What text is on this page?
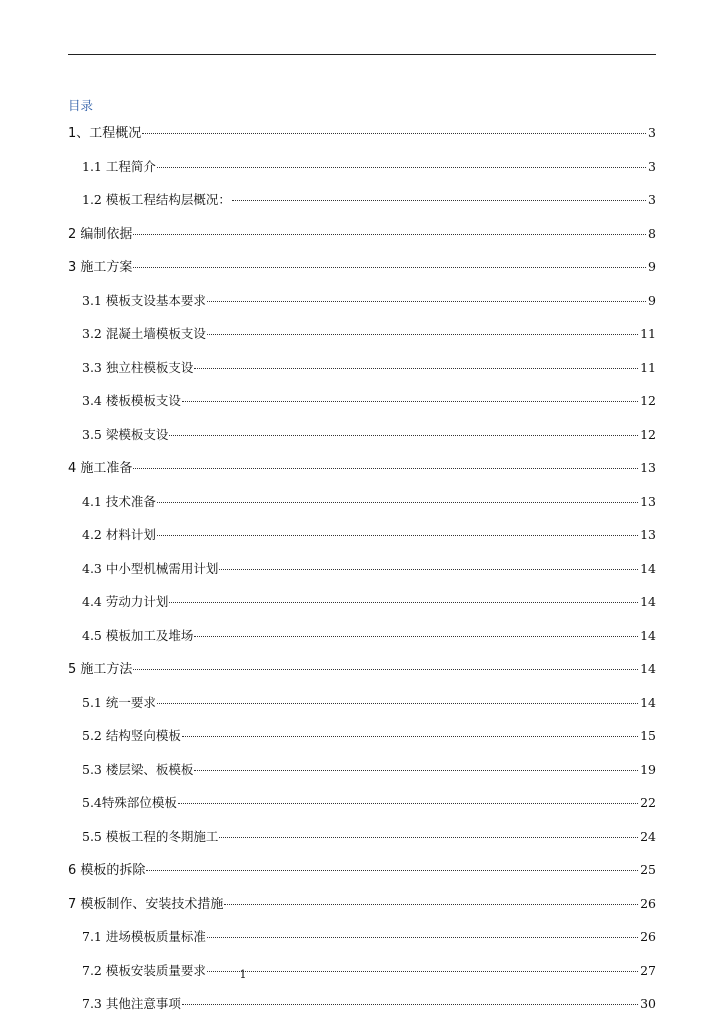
目录
1、工程概况	3
1.1 工程简介	3
1.2 模板工程结构层概况：	3
2 编制依据	8
3 施工方案	9
3.1 模板支设基本要求	9
3.2 混凝土墙模板支设	11
3.3 独立柱模板支设	11
3.4 楼板模板支设	12
3.5 梁模板支设	12
4 施工准备	13
4.1 技术准备	13
4.2 材料计划	13
4.3 中小型机械需用计划	14
4.4 劳动力计划	14
4.5 模板加工及堆场	14
5 施工方法	14
5.1 统一要求	14
5.2 结构竖向模板	15
5.3 楼层梁、板模板	19
5.4特殊部位模板	22
5.5 模板工程的冬期施工	24
6 模板的拆除	25
7 模板制作、安装技术措施	26
7.1 进场模板质量标准	26
7.2 模板安装质量要求	27
7.3 其他注意事项	30
1
